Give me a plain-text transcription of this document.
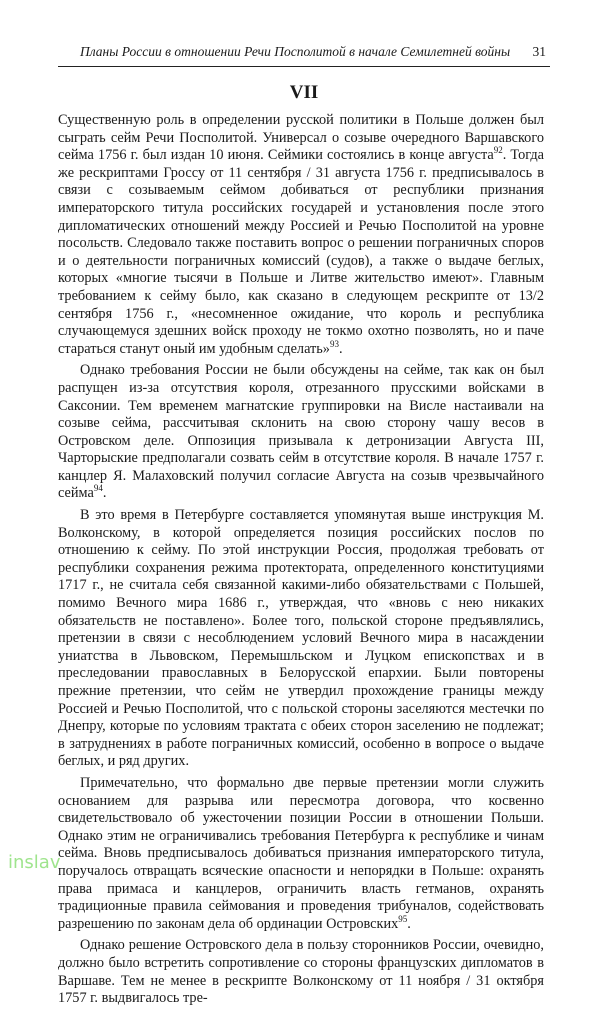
Планы России в отношении Речи Посполитой в начале Семилетней войны 31
VII

Существенную роль в определении русской политики в Польше должен был сыграть сейм Речи Посполитой. Универсал о созыве очередного Варшавского сейма 1756 г. был издан 10 июня. Сеймики состоялись в конце августа$^{92}$. Тогда же рескриптами Гроссу от 11 сентября / 31 августа 1756 г. предписывалось в связи с созываемым сеймом добиваться от республики признания императорского титула российских государей и установления после этого дипломатических отношений между Россией и Речью Посполитой на уровне посольств. Следовало также поставить вопрос о решении пограничных споров и о деятельности пограничных комиссий (судов), а также о выдаче беглых, которых «многие тысячи в Польше и Литве жительство имеют». Главным требованием к сейму было, как сказано в следующем рескрипте от 13/2 сентября 1756 г., «несомненное ожидание, что король и республика случающемуся здешних войск проходу не токмо охотно позволять, но и паче стараться станут оный им удобным сделать»$^{93}$.

Однако требования России не были обсуждены на сейме, так как он был распущен из-за отсутствия короля, отрезанного прусскими войсками в Саксонии. Тем временем магнатские группировки на Висле настаивали на созыве сейма, рассчитывая склонить на свою сторону чашу весов в Островском деле. Оппозиция призывала к детронизации Августа III, Чарторыские предполагали созвать сейм в отсутствие короля. В начале 1757 г. канцлер Я. Малаховский получил согласие Августа на созыв чрезвычайного сейма$^{94}$.

В это время в Петербурге составляется упомянутая выше инструкция М. Волконскому, в которой определяется позиция российских послов по отношению к сейму. По этой инструкции Россия, продолжая требовать от республики сохранения режима протектората, определенного конституциями 1717 г., не считала себя связанной какими-либо обязательствами с Польшей, помимо Вечного мира 1686 г., утверждая, что «вновь с нею никаких обязательств не поставлено». Более того, польской стороне предъявлялись, претензии в связи с несоблюдением условий Вечного мира в насаждении униатства в Львовском, Перемышльском и Луцком епископствах и в преследовании православных в Белорусской епархии. Были повторены прежние претензии, что сейм не утвердил прохождение границы между Россией и Речью Посполитой, что с польской стороны заселяются местечки по Днепру, которые по условиям трактата с обеих сторон заселению не подлежат; в затруднениях в работе пограничных комиссий, особенно в вопросе о выдаче беглых, и ряд других.

Примечательно, что формально две первые претензии могли служить основанием для разрыва или пересмотра договора, что косвенно свидетельствовало об ужесточении позиции России в отношении Польши. Однако этим не ограничивались требования Петербурга к республике и чинам сейма. Вновь предписывалось добиваться признания императорского титула, поручалось отвращать всяческие опасности и непорядки в Польше: охранять права примаса и канцлеров, ограничить власть гетманов, охранять традиционные правила сеймования и проведения трибуналов, содействовать разрешению по законам дела об ординации Островских$^{95}$.

Однако решение Островского дела в пользу сторонников России, очевидно, должно было встретить сопротивление со стороны французских дипломатов в Варшаве. Тем не менее в рескрипте Волконскому от 11 ноября / 31 октября 1757 г. выдвигалось тре-

inslav
